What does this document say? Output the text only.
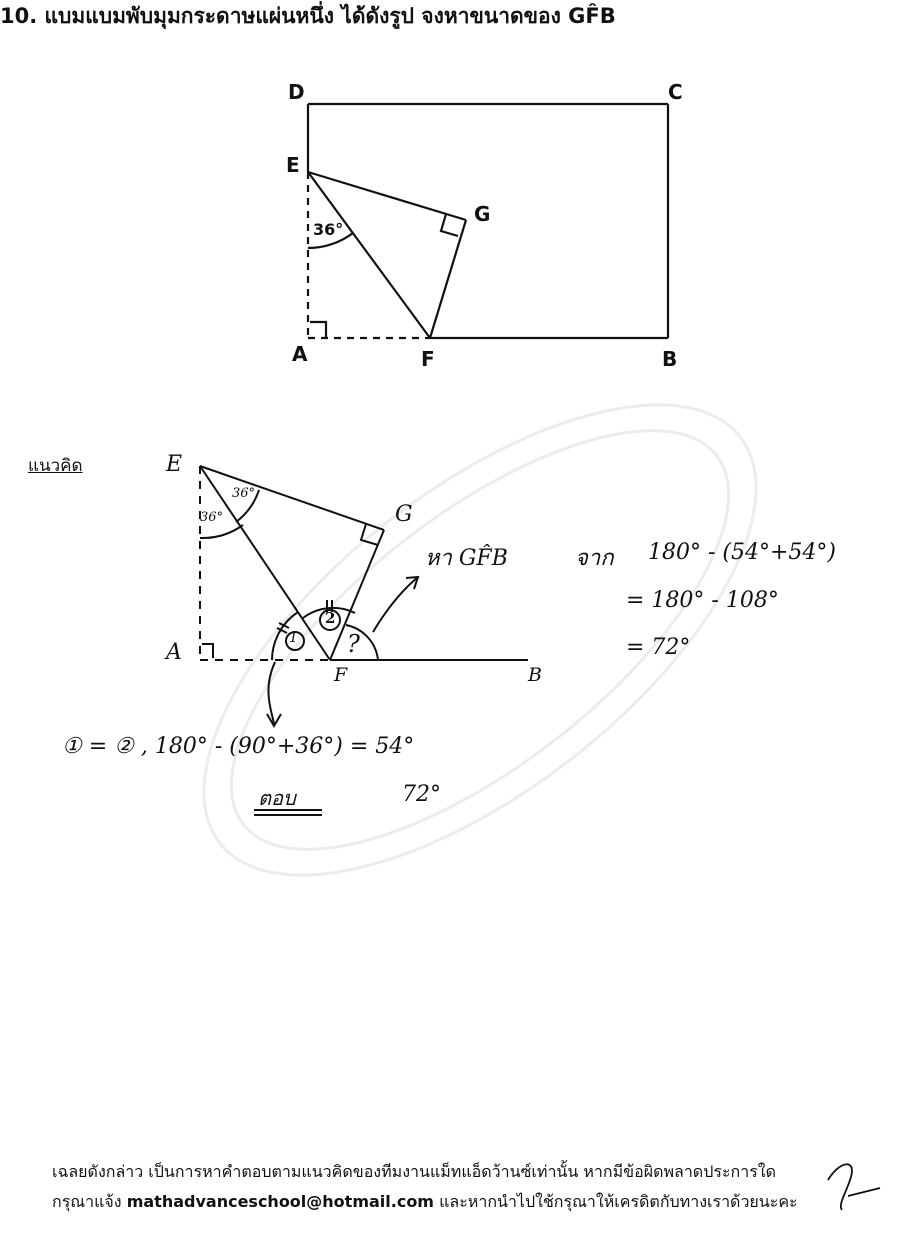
10. แบมแบมพับมุมกระดาษแผ่นหนึ่ง ได้ดังรูป จงหาขนาดของ GF̂B
D	C
E
G
A	F	B
36°
แนวคิด	E
G
A
F	B
36°
36°
1
2
?
หา GF̂B	จาก 180° - (54°+54°)
= 180° - 108°
= 72°
① = ② , 180° - (90°+36°) = 54°
ตอบ	72°
เฉลยดังกล่าว เป็นการหาคำตอบตามแนวคิดของทีมงานแม็ทแอ็ดว้านซ์เท่านั้น หากมีข้อผิดพลาดประการใด
กรุณาแจ้ง mathadvanceschool@hotmail.com และหากนำไปใช้กรุณาให้เครดิตกับทางเราด้วยนะคะ
